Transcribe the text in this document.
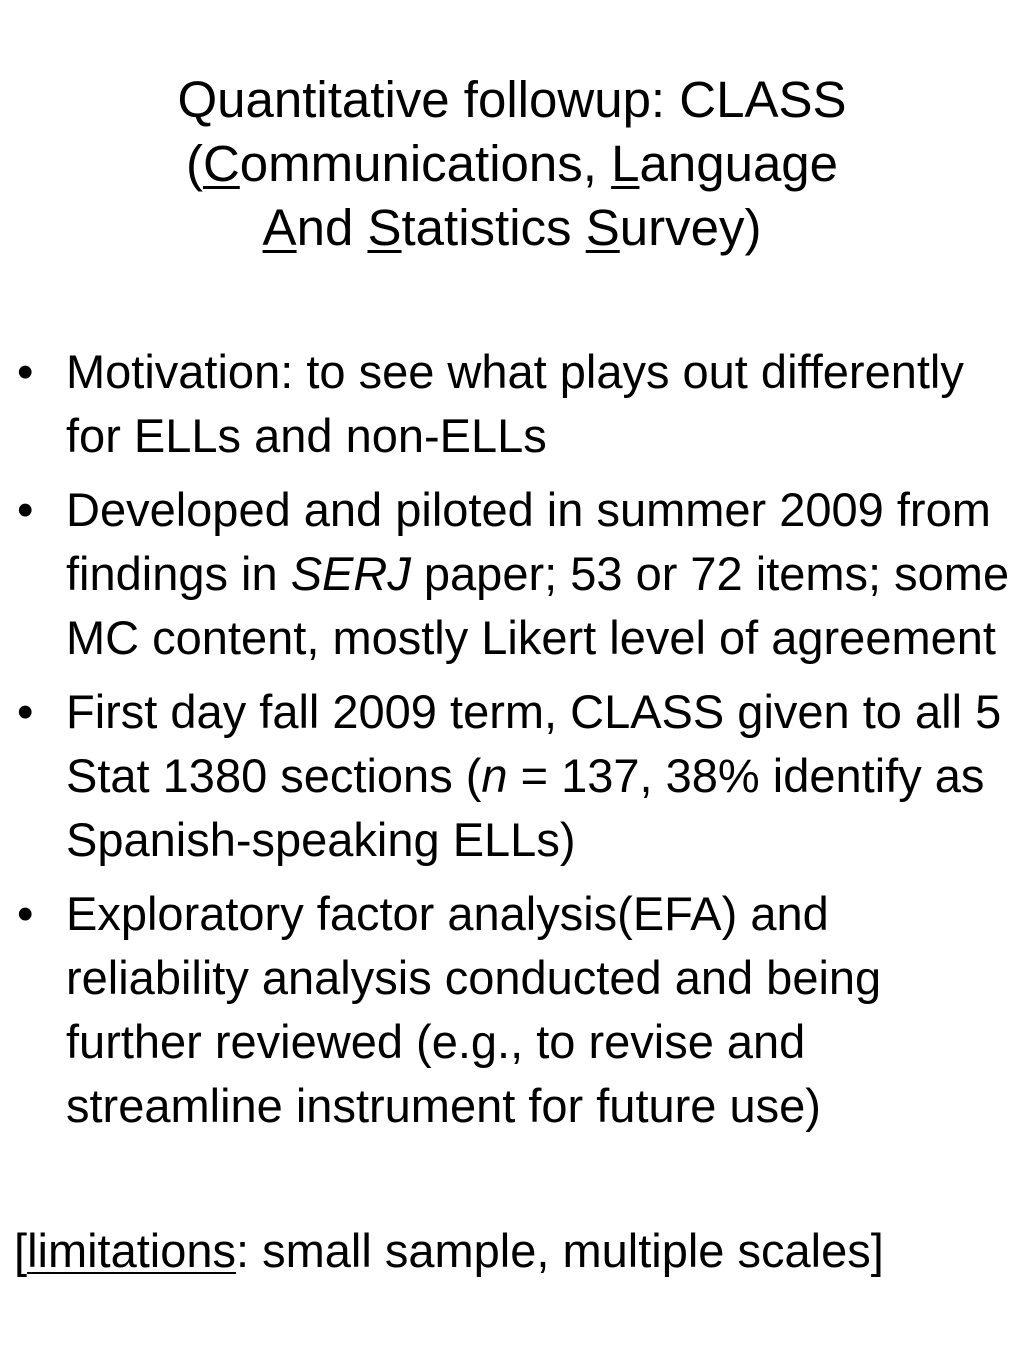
Quantitative followup: CLASS
(Communications, Language
And Statistics Survey)
• Motivation: to see what plays out differently for ELLs and non-ELLs
• Developed and piloted in summer 2009 from findings in SERJ paper; 53 or 72 items; some MC content, mostly Likert level of agreement
• First day fall 2009 term, CLASS given to all 5 Stat 1380 sections (n = 137, 38% identify as Spanish-speaking ELLs)
• Exploratory factor analysis(EFA) and reliability analysis conducted and being further reviewed (e.g., to revise and streamline instrument for future use)
[limitations: small sample, multiple scales]
